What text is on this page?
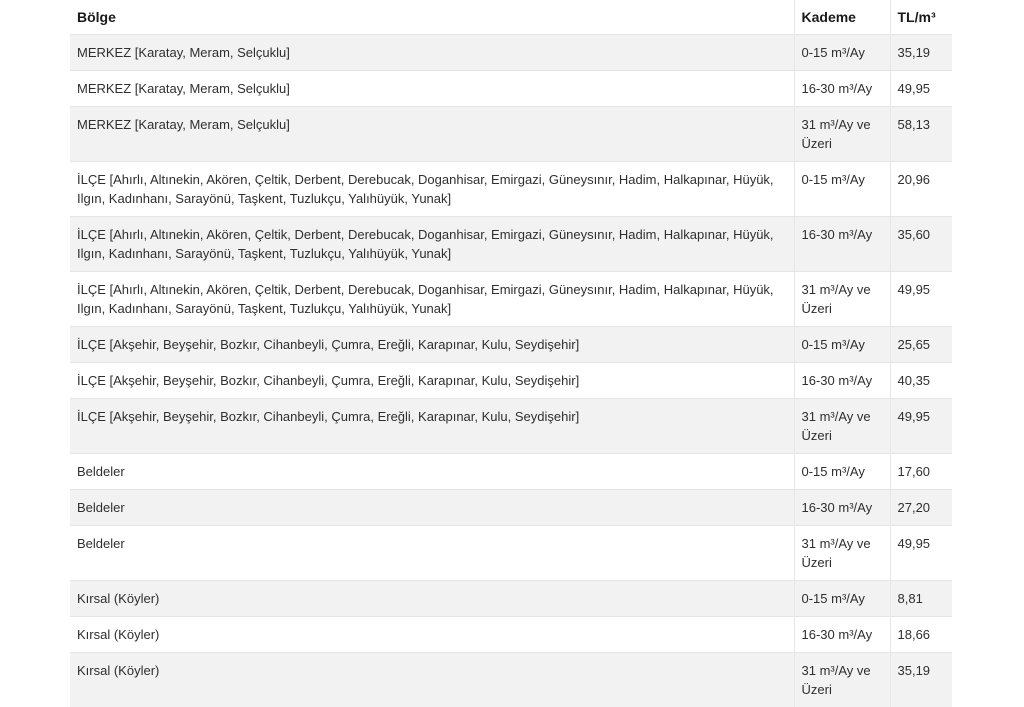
Bölge	Kademe	TL/m³
MERKEZ [Karatay, Meram, Selçuklu]	0-15 m³/Ay	35,19
MERKEZ [Karatay, Meram, Selçuklu]	16-30 m³/Ay	49,95
MERKEZ [Karatay, Meram, Selçuklu]	31 m³/Ay ve Üzeri	58,13
İLÇE [Ahırlı, Altınekin, Akören, Çeltik, Derbent, Derebucak, Doganhisar, Emirgazi, Güneysınır, Hadim, Halkapınar, Hüyük, Ilgın, Kadınhanı, Sarayönü, Taşkent, Tuzlukçu, Yalıhüyük, Yunak]	0-15 m³/Ay	20,96
İLÇE [Ahırlı, Altınekin, Akören, Çeltik, Derbent, Derebucak, Doganhisar, Emirgazi, Güneysınır, Hadim, Halkapınar, Hüyük, Ilgın, Kadınhanı, Sarayönü, Taşkent, Tuzlukçu, Yalıhüyük, Yunak]	16-30 m³/Ay	35,60
İLÇE [Ahırlı, Altınekin, Akören, Çeltik, Derbent, Derebucak, Doganhisar, Emirgazi, Güneysınır, Hadim, Halkapınar, Hüyük, Ilgın, Kadınhanı, Sarayönü, Taşkent, Tuzlukçu, Yalıhüyük, Yunak]	31 m³/Ay ve Üzeri	49,95
İLÇE [Akşehir, Beyşehir, Bozkır, Cihanbeyli, Çumra, Ereğli, Karapınar, Kulu, Seydişehir]	0-15 m³/Ay	25,65
İLÇE [Akşehir, Beyşehir, Bozkır, Cihanbeyli, Çumra, Ereğli, Karapınar, Kulu, Seydişehir]	16-30 m³/Ay	40,35
İLÇE [Akşehir, Beyşehir, Bozkır, Cihanbeyli, Çumra, Ereğli, Karapınar, Kulu, Seydişehir]	31 m³/Ay ve Üzeri	49,95
Beldeler	0-15 m³/Ay	17,60
Beldeler	16-30 m³/Ay	27,20
Beldeler	31 m³/Ay ve Üzeri	49,95
Kırsal (Köyler)	0-15 m³/Ay	8,81
Kırsal (Köyler)	16-30 m³/Ay	18,66
Kırsal (Köyler)	31 m³/Ay ve Üzeri	35,19
